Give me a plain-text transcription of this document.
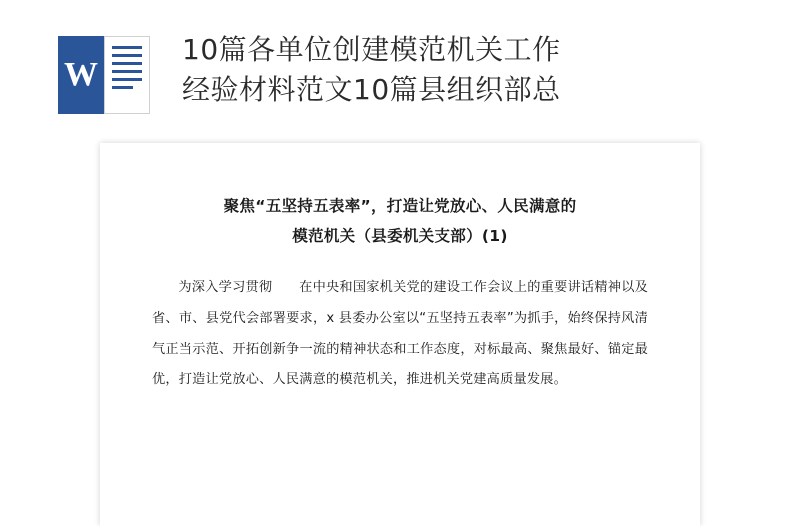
W
10篇各单位创建模范机关工作
经验材料范文10篇县组织部总
聚焦“五坚持五表率”，打造让党放心、人民满意的
模范机关（县委机关支部）(1)
为深入学习贯彻　　在中央和国家机关党的建设工作会议上的重要讲话精神以及省、市、县党代会部署要求，x 县委办公室以“五坚持五表率”为抓手，始终保持风清气正当示范、开拓创新争一流的精神状态和工作态度，对标最高、聚焦最好、锚定最优，打造让党放心、人民满意的模范机关，推进机关党建高质量发展。
